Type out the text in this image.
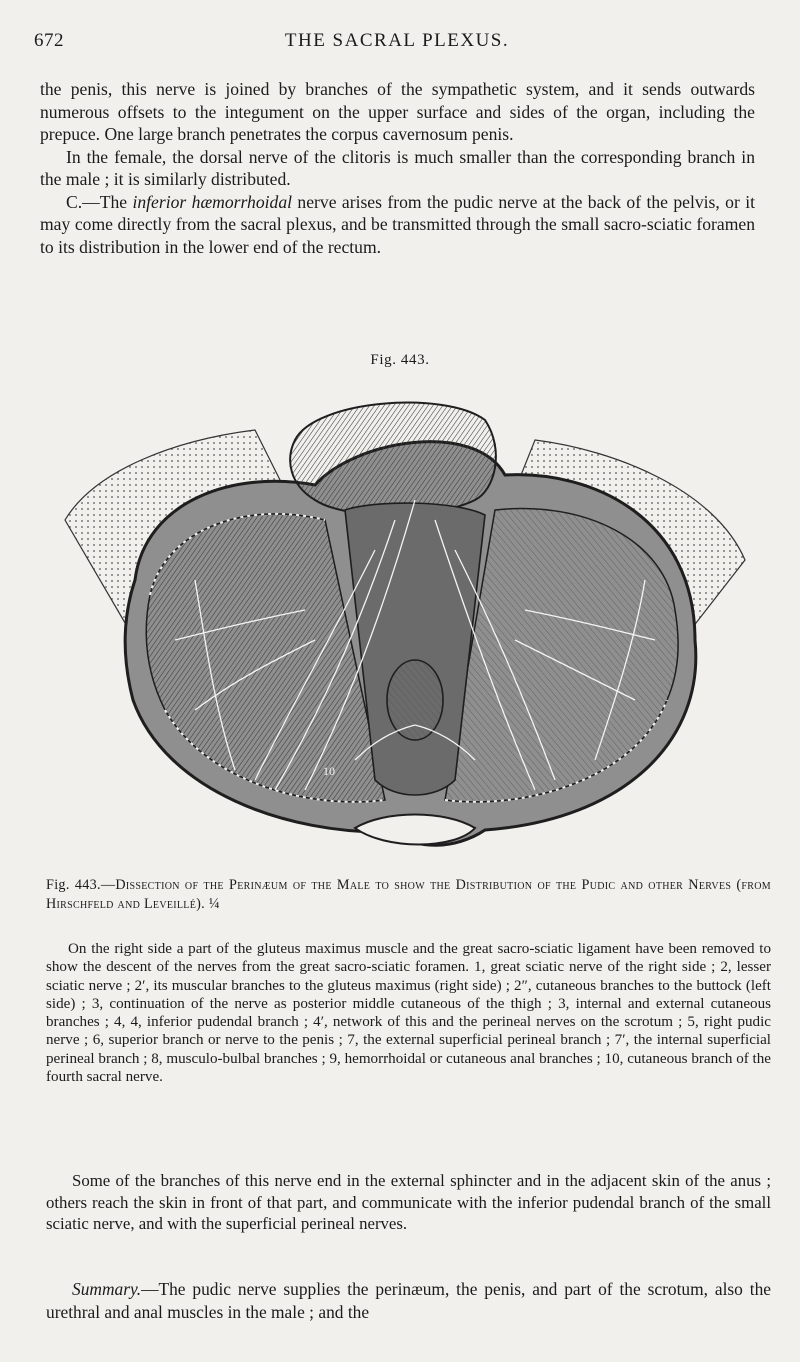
672	THE SACRAL PLEXUS.
the penis, this nerve is joined by branches of the sympathetic system, and it sends outwards numerous offsets to the integument on the upper surface and sides of the organ, including the prepuce. One large branch penetrates the corpus cavernosum penis.
In the female, the dorsal nerve of the clitoris is much smaller than the corresponding branch in the male ; it is similarly distributed.
C.—The inferior hæmorrhoidal nerve arises from the pudic nerve at the back of the pelvis, or it may come directly from the sacral plexus, and be transmitted through the small sacro-sciatic foramen to its distribution in the lower end of the rectum.
Fig. 443.
10
Fig. 443.—Dissection of the Perinæum of the Male to show the Distribution of the Pudic and other Nerves (from Hirschfeld and Leveillé). ¼

On the right side a part of the gluteus maximus muscle and the great sacro-sciatic ligament have been removed to show the descent of the nerves from the great sacro-sciatic foramen. 1, great sciatic nerve of the right side ; 2, lesser sciatic nerve ; 2′, its muscular branches to the gluteus maximus (right side) ; 2″, cutaneous branches to the buttock (left side) ; 3, continuation of the nerve as posterior middle cutaneous of the thigh ; 3, internal and external cutaneous branches ; 4, 4, inferior pudendal branch ; 4′, network of this and the perineal nerves on the scrotum ; 5, right pudic nerve ; 6, superior branch or nerve to the penis ; 7, the external superficial perineal branch ; 7′, the internal superficial perineal branch ; 8, musculo-bulbal branches ; 9, hemorrhoidal or cutaneous anal branches ; 10, cutaneous branch of the fourth sacral nerve.

Some of the branches of this nerve end in the external sphincter and in the adjacent skin of the anus ; others reach the skin in front of that part, and communicate with the inferior pudendal branch of the small sciatic nerve, and with the superficial perineal nerves.

Summary.—The pudic nerve supplies the perinæum, the penis, and part of the scrotum, also the urethral and anal muscles in the male ; and the
